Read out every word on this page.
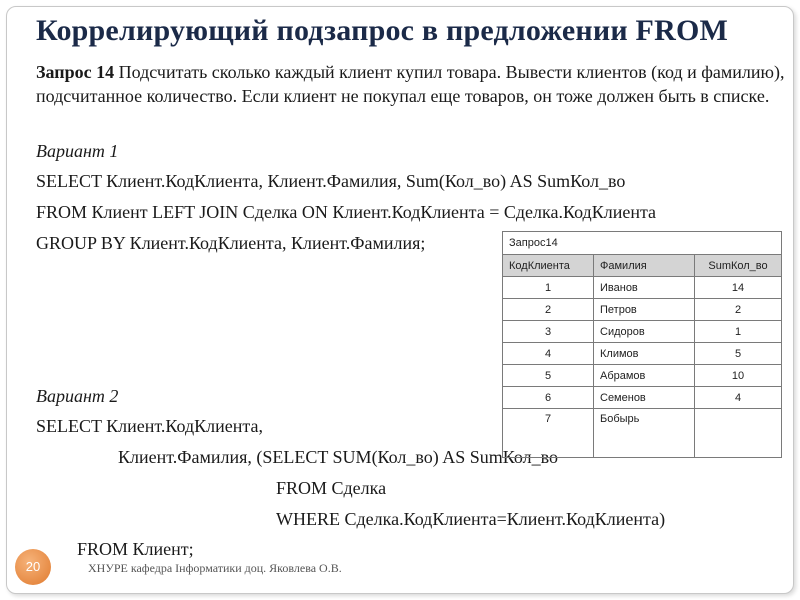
Коррелирующий подзапрос в предложении FROM
Запрос 14 Подсчитать сколько каждый клиент купил товара. Вывести клиентов (код и фамилию), подсчитанное количество. Если клиент не покупал еще товаров, он тоже должен быть в списке.
Вариант 1
SELECT Клиент.КодКлиента, Клиент.Фамилия, Sum(Кол_во) AS SumКол_во
FROM Клиент LEFT JOIN Сделка ON Клиент.КодКлиента = Сделка.КодКлиента
GROUP BY Клиент.КодКлиента, Клиент.Фамилия;
Вариант 2
SELECT Клиент.КодКлиента,
Клиент.Фамилия, (SELECT SUM(Кол_во) AS SumКол_во
FROM Сделка
WHERE Сделка.КодКлиента=Клиент.КодКлиента)
FROM Клиент;
Запрос14		
КодКлиента	Фамилия	SumКол_во
1	Иванов	14
2	Петров	2
3	Сидоров	1
4	Климов	5
5	Абрамов	10
6	Семенов	4
7	Бобырь	
20	ХНУРЕ кафедра Інформатики доц. Яковлева О.В.
